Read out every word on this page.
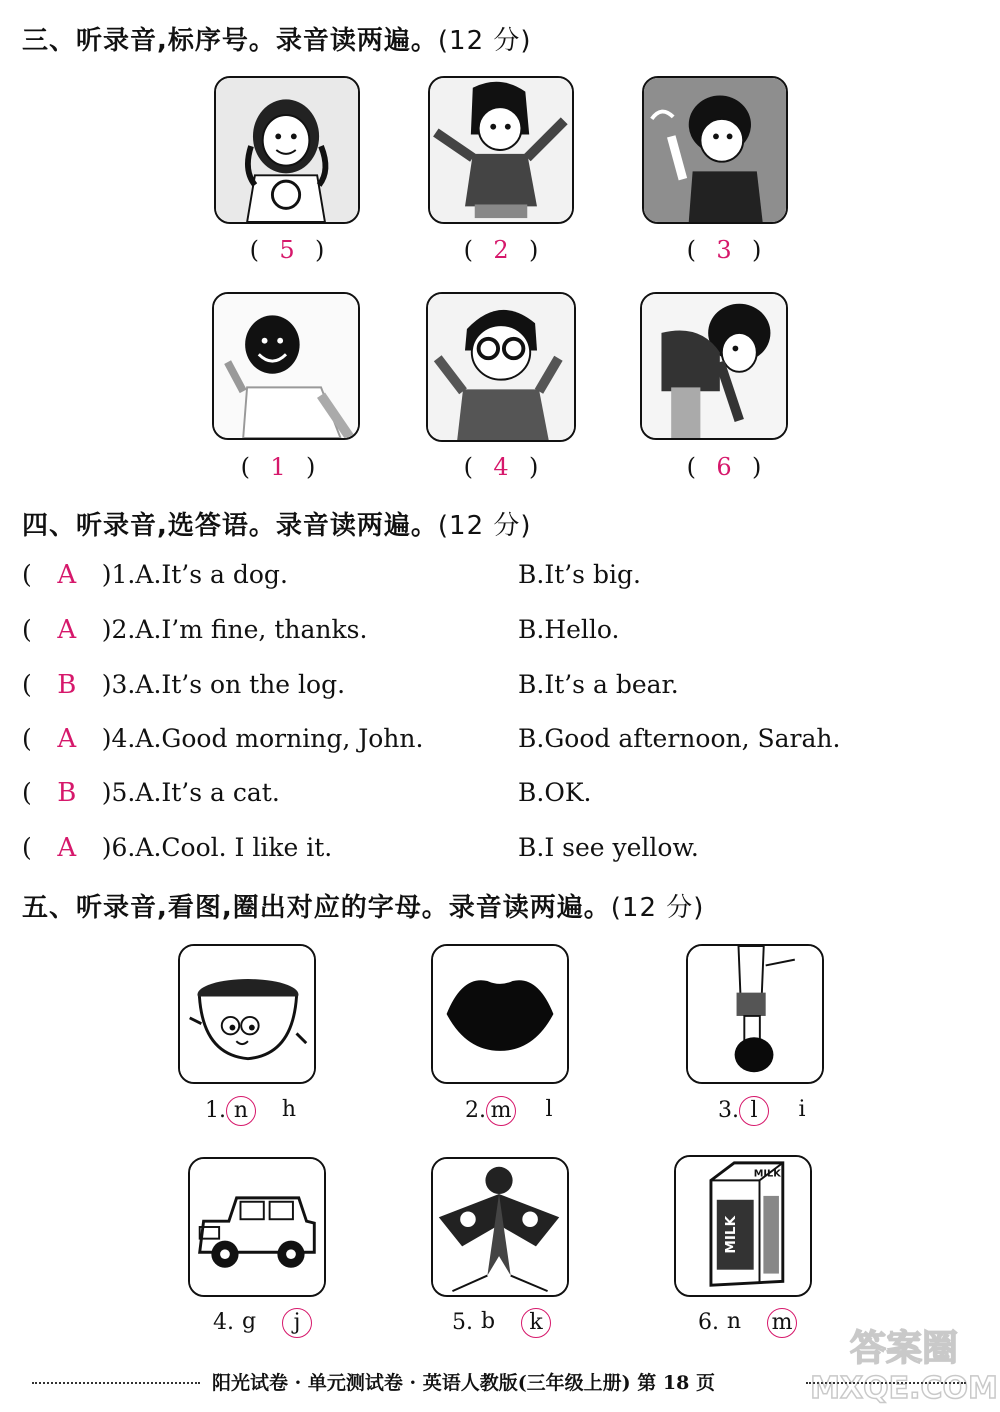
三、听录音,标序号。录音读两遍。(12 分)
( 5 )	( 2 )	( 3 )
( 1 )	( 4 )	( 6 )
四、听录音,选答语。录音读两遍。(12 分)
( A )1.A.It’s a dog.	B.It’s big.
( A )2.A.I’m fine, thanks.	B.Hello.
( B )3.A.It’s on the log.	B.It’s a bear.
( A )4.A.Good morning, John.	B.Good afternoon, Sarah.
( B )5.A.It’s a cat.	B.OK.
( A )6.A.Cool. I like it.	B.I see yellow.
五、听录音,看图,圈出对应的字母。录音读两遍。(12 分)
1. n h	2. m l	3. l i
MILK
MILK
4. g j	5. b k	6. n m
阳光试卷 · 单元测试卷 · 英语人教版(三年级上册) 第 18 页
答案圈
MXQE.COM
